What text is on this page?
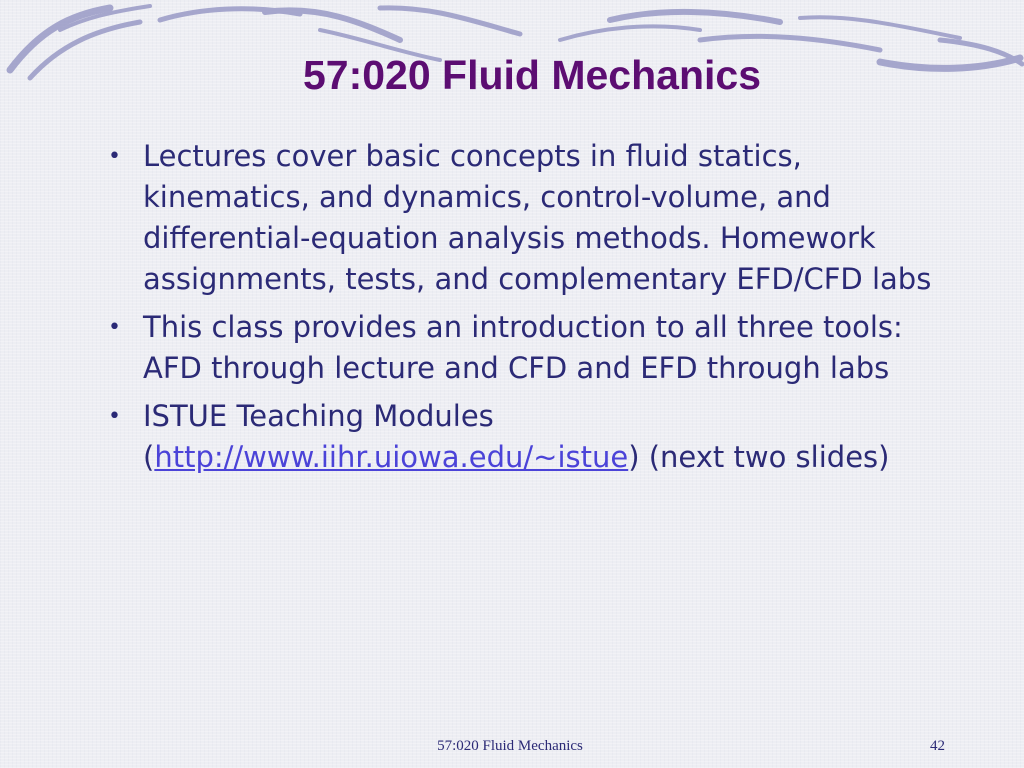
57:020 Fluid Mechanics
• Lectures cover basic concepts in fluid statics, kinematics, and dynamics, control-volume, and differential-equation analysis methods. Homework assignments, tests, and complementary EFD/CFD labs
• This class provides an introduction to all three tools: AFD through lecture and CFD and EFD through labs
• ISTUE Teaching Modules (http://www.iihr.uiowa.edu/~istue) (next two slides)
57:020 Fluid Mechanics	42
